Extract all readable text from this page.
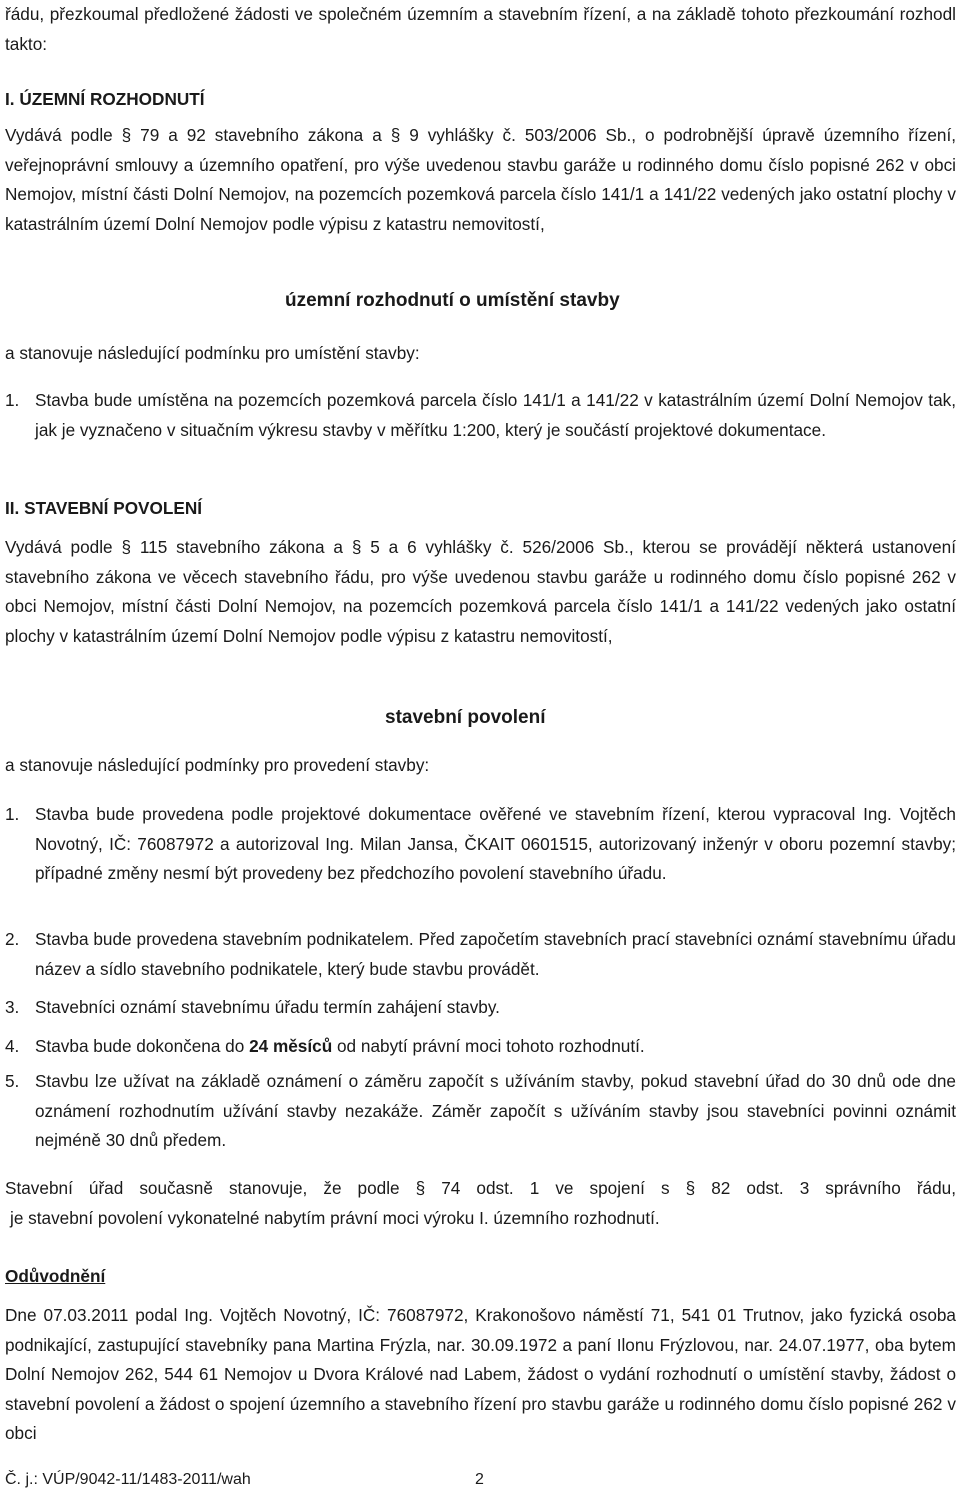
řádu, přezkoumal předložené žádosti ve společném územním a stavebním řízení, a na základě tohoto přezkoumání rozhodl takto:

I. ÚZEMNÍ ROZHODNUTÍ

Vydává podle § 79 a 92 stavebního zákona a § 9 vyhlášky č. 503/2006 Sb., o podrobnější úpravě územního řízení, veřejnoprávní smlouvy a územního opatření, pro výše uvedenou stavbu garáže u rodinného domu číslo popisné 262 v obci Nemojov, místní části Dolní Nemojov, na pozemcích pozemková parcela číslo 141/1 a 141/22 vedených jako ostatní plochy v katastrálním území Dolní Nemojov podle výpisu z katastru nemovitostí,

územní rozhodnutí o umístění stavby
a stanovuje následující podmínku pro umístění stavby:
1. Stavba bude umístěna na pozemcích pozemková parcela číslo 141/1 a 141/22 v katastrálním území Dolní Nemojov tak, jak je vyznačeno v situačním výkresu stavby v měřítku 1:200, který je součástí projektové dokumentace.
II. STAVEBNÍ POVOLENÍ

Vydává podle § 115 stavebního zákona a § 5 a 6 vyhlášky č. 526/2006 Sb., kterou se provádějí některá ustanovení stavebního zákona ve věcech stavebního řádu, pro výše uvedenou stavbu garáže u rodinného domu číslo popisné 262 v obci Nemojov, místní části Dolní Nemojov, na pozemcích pozemková parcela číslo 141/1 a 141/22 vedených jako ostatní plochy v katastrálním území Dolní Nemojov podle výpisu z katastru nemovitostí,

stavební povolení
a stanovuje následující podmínky pro provedení stavby:
1. Stavba bude provedena podle projektové dokumentace ověřené ve stavebním řízení, kterou vypracoval Ing. Vojtěch Novotný, IČ: 76087972 a autorizoval Ing. Milan Jansa, ČKAIT 0601515, autorizovaný inženýr v oboru pozemní stavby; případné změny nesmí být provedeny bez předchozího povolení stavebního úřadu.
2. Stavba bude provedena stavebním podnikatelem. Před započetím stavebních prací stavebníci oznámí stavebnímu úřadu název a sídlo stavebního podnikatele, který bude stavbu provádět.
3. Stavebníci oznámí stavebnímu úřadu termín zahájení stavby.
4. Stavba bude dokončena do 24 měsíců od nabytí právní moci tohoto rozhodnutí.
5. Stavbu lze užívat na základě oznámení o záměru započít s užíváním stavby, pokud stavební úřad do 30 dnů ode dne oznámení rozhodnutím užívání stavby nezakáže. Záměr započít s užíváním stavby jsou stavebníci povinni oznámit nejméně 30 dnů předem.
Stavební úřad současně stanovuje, že podle § 74 odst. 1 ve spojení s § 82 odst. 3 správního řádu,
je stavební povolení vykonatelné nabytím právní moci výroku I. územního rozhodnutí.
Odůvodnění

Dne 07.03.2011 podal Ing. Vojtěch Novotný, IČ: 76087972, Krakonošovo náměstí 71, 541 01 Trutnov, jako fyzická osoba podnikající, zastupující stavebníky pana Martina Frýzla, nar. 30.09.1972 a paní Ilonu Frýzlovou, nar. 24.07.1977, oba bytem Dolní Nemojov 262, 544 61 Nemojov u Dvora Králové nad Labem, žádost o vydání rozhodnutí o umístění stavby, žádost o stavební povolení a žádost o spojení územního a stavebního řízení pro stavbu garáže u rodinného domu číslo popisné 262 v obci

Č. j.: VÚP/9042-11/1483-2011/wah	2
